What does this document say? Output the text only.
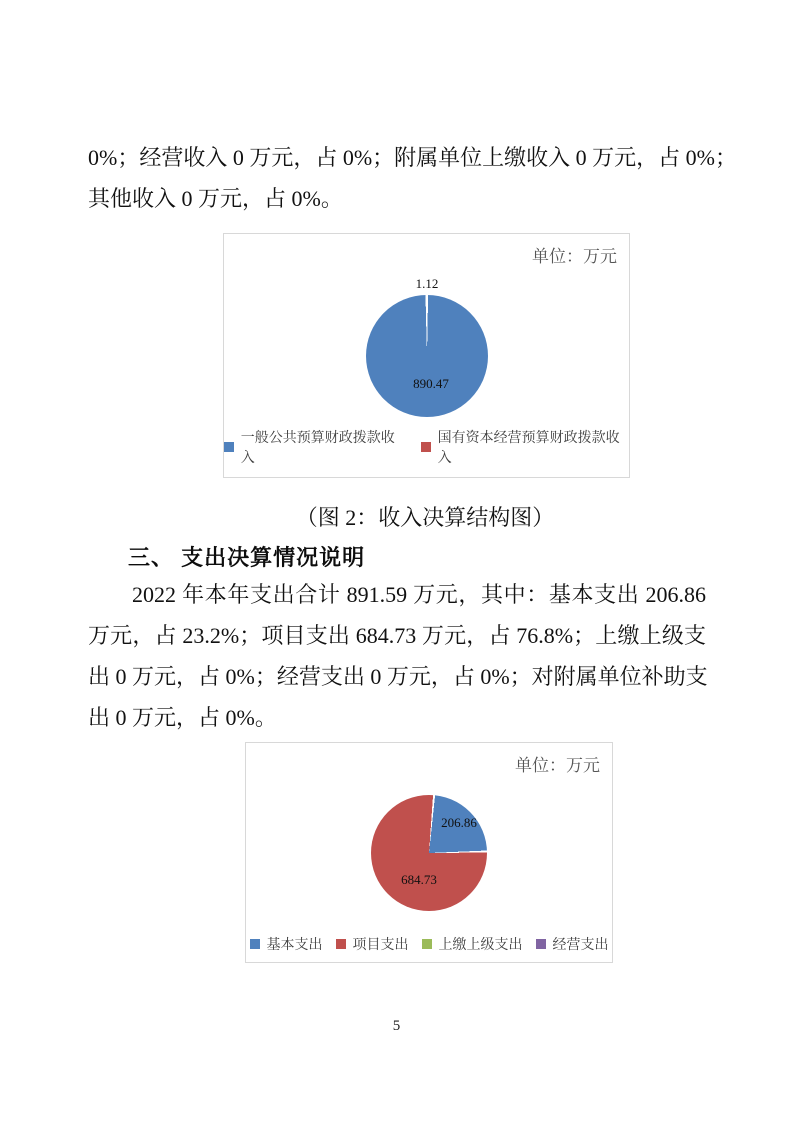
0%；经营收入 0 万元，占 0%；附属单位上缴收入 0 万元，占 0%；
其他收入 0 万元，占 0%。
单位：万元
1.12
890.47
一般公共预算财政拨款收入
国有资本经营预算财政拨款收入
（图 2：收入决算结构图）
三、 支出决算情况说明
2022 年本年支出合计 891.59 万元，其中：基本支出 206.86
万元，占 23.2%；项目支出 684.73 万元，占 76.8%；上缴上级支
出 0 万元，占 0%；经营支出 0 万元，占 0%；对附属单位补助支
出 0 万元，占 0%。
单位：万元
206.86
684.73
基本支出 项目支出 上缴上级支出 经营支出
5
